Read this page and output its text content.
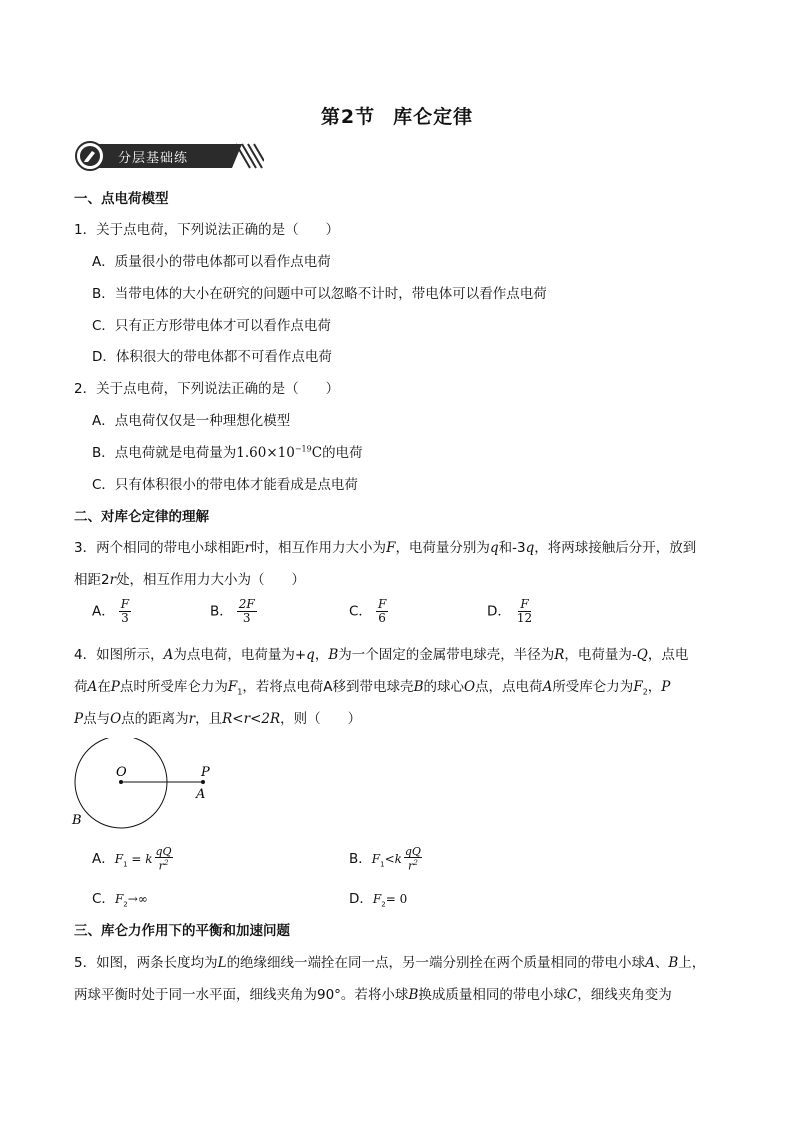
第2节 库仑定律
分层基础练
一、点电荷模型
1．关于点电荷，下列说法正确的是（　　）
A．质量很小的带电体都可以看作点电荷
B．当带电体的大小在研究的问题中可以忽略不计时，带电体可以看作点电荷
C．只有正方形带电体才可以看作点电荷
D．体积很大的带电体都不可看作点电荷
2．关于点电荷，下列说法正确的是（　　）
A．点电荷仅仅是一种理想化模型
B．点电荷就是电荷量为$1.60\times 10^{-19}C$的电荷
C．只有体积很小的带电体才能看成是点电荷
二、对库仑定律的理解
3．两个相同的带电小球相距r时，相互作用力大小为F，电荷量分别为q和-3q，将两球接触后分开，放到
相距2r处，相互作用力大小为（　　）
A． $\frac{F}{3}$	B． $\frac{2F}{3}$	C． $\frac{F}{6}$	D． $\frac{F}{12}$
4．如图所示，A为点电荷，电荷量为+q，B为一个固定的金属带电球壳，半径为R，电荷量为-Q，点电
荷A在P点时所受库仑力为$F_1$，若将点电荷A移到带电球壳B的球心O点，点电荷A所受库仑力为$F_2$，P
P点与O点的距离为r，且R<r<2R，则（　　）
O	P
A
B
A．$F_1 = k \frac{qQ}{r^2}$	B．$F_1<k \frac{qQ}{r^2}$
C．$F_2\to\infty$	D．$F_2= 0$
三、库仑力作用下的平衡和加速问题
5．如图，两条长度均为L的绝缘细线一端拴在同一点，另一端分别拴在两个质量相同的带电小球A、B上，
两球平衡时处于同一水平面，细线夹角为90°。若将小球B换成质量相同的带电小球C，细线夹角变为
